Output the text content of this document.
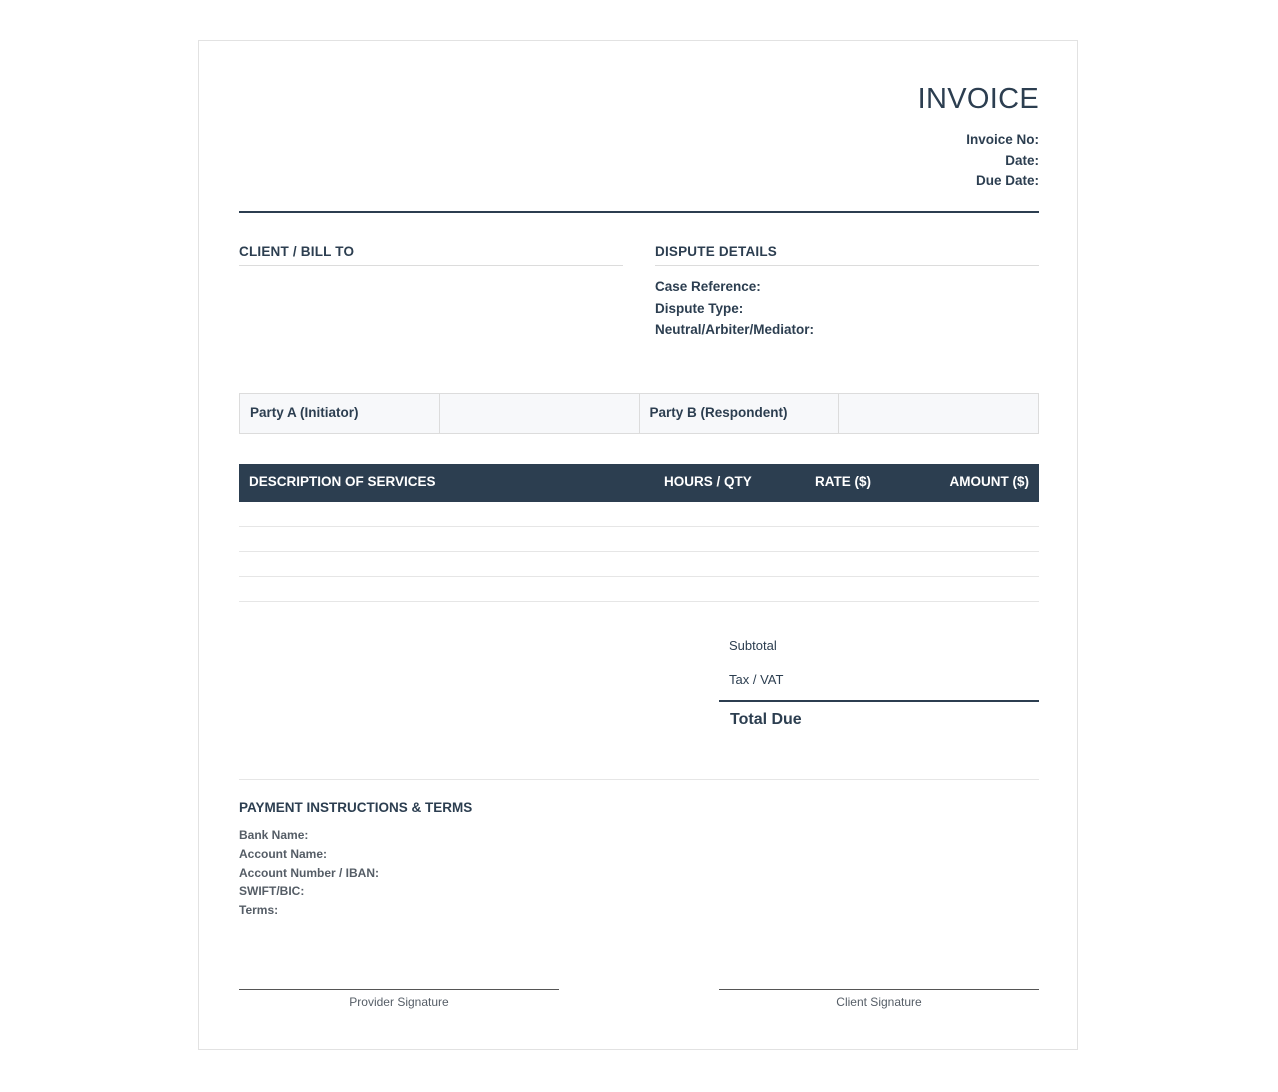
INVOICE
Invoice No:
Date:
Due Date:
CLIENT / BILL TO	DISPUTE DETAILS
Case Reference:
Dispute Type:
Neutral/Arbiter/Mediator:
Party A (Initiator)	Party B (Respondent)
DESCRIPTION OF SERVICES	HOURS / QTY	RATE ($)	AMOUNT ($)
Subtotal
Tax / VAT
Total Due
PAYMENT INSTRUCTIONS & TERMS
Bank Name:
Account Name:
Account Number / IBAN:
SWIFT/BIC:
Terms:
Provider Signature	Client Signature
